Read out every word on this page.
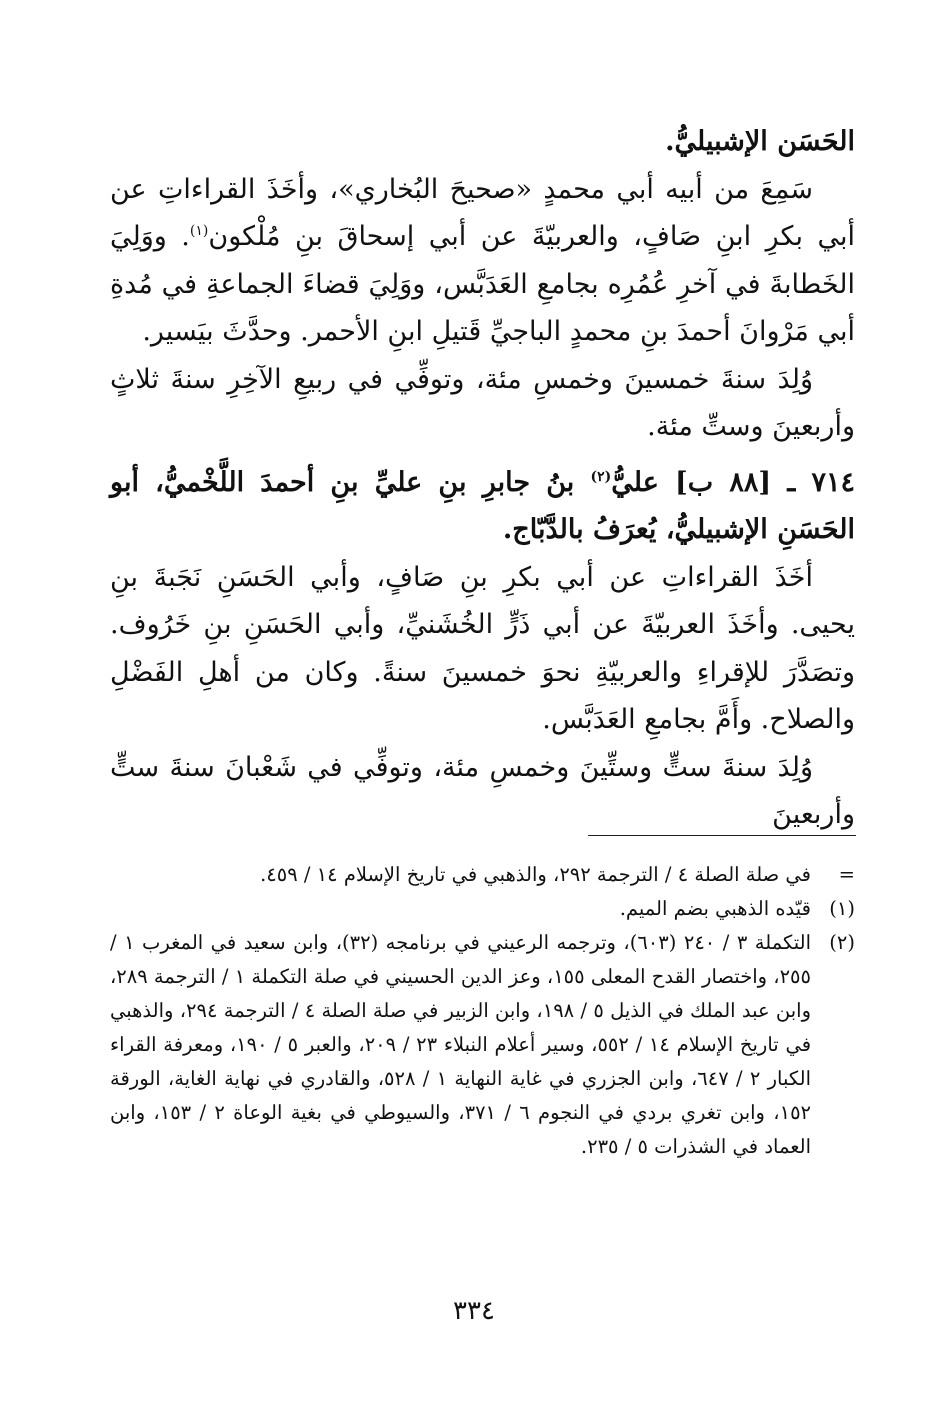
الحَسَن الإشبيليُّ.

سَمِعَ من أبيه أبي محمدٍ «صحيحَ البُخاري»، وأخَذَ القراءاتِ عن أبي بكرِ ابنِ صَافٍ، والعربيّةَ عن أبي إسحاقَ بنِ مُلْكون$^{(١)}$. ووَلِيَ الخَطابةَ في آخرِ عُمُرِه بجامعِ العَدَبَّس، ووَلِيَ قضاءَ الجماعةِ في مُدةِ أبي مَرْوانَ أحمدَ بنِ محمدٍ الباجيِّ قَتيلِ ابنِ الأحمر. وحدَّثَ بيَسير.

وُلِدَ سنةَ خمسينَ وخمسِ مئة، وتوفِّي في ربيعِ الآخِرِ سنةَ ثلاثٍ وأربعينَ وستِّ مئة.

٧١٤ ـ [٨٨ ب] عليُّ$^{(٢)}$ بنُ جابرِ بنِ عليِّ بنِ أحمدَ اللَّخْميُّ، أبو الحَسَنِ الإشبيليُّ، يُعرَفُ بالدَّبّاج.

أخَذَ القراءاتِ عن أبي بكرِ بنِ صَافٍ، وأبي الحَسَنِ نَجَبةَ بنِ يحيى. وأخَذَ العربيّةَ عن أبي ذَرٍّ الخُشَنيِّ، وأبي الحَسَنِ بنِ خَرُوف. وتصَدَّرَ للإقراءِ والعربيّةِ نحوَ خمسينَ سنةً. وكان من أهلِ الفَضْلِ والصلاح. وأَمَّ بجامعِ العَدَبَّس.

وُلِدَ سنةَ ستٍّ وستِّينَ وخمسِ مئة، وتوفِّي في شَعْبانَ سنةَ ستٍّ وأربعينَ

=
في صلة الصلة ٤ / الترجمة ٢٩٢، والذهبي في تاريخ الإسلام ١٤ / ٤٥٩.
(١)
قيّده الذهبي بضم الميم.
(٢)
التكملة ٣ / ٢٤٠ (٦٠٣)، وترجمه الرعيني في برنامجه (٣٢)، وابن سعيد في المغرب ١ / ٢٥٥، واختصار القدح المعلى ١٥٥، وعز الدين الحسيني في صلة التكملة ١ / الترجمة ٢٨٩، وابن عبد الملك في الذيل ٥ / ١٩٨، وابن الزبير في صلة الصلة ٤ / الترجمة ٢٩٤، والذهبي في تاريخ الإسلام ١٤ / ٥٥٢، وسير أعلام النبلاء ٢٣ / ٢٠٩، والعبر ٥ / ١٩٠، ومعرفة القراء الكبار ٢ / ٦٤٧، وابن الجزري في غاية النهاية ١ / ٥٢٨، والقادري في نهاية الغاية، الورقة ١٥٢، وابن تغري بردي في النجوم ٦ / ٣٧١، والسيوطي في بغية الوعاة ٢ / ١٥٣، وابن العماد في الشذرات ٥ / ٢٣٥.
٣٣٤
